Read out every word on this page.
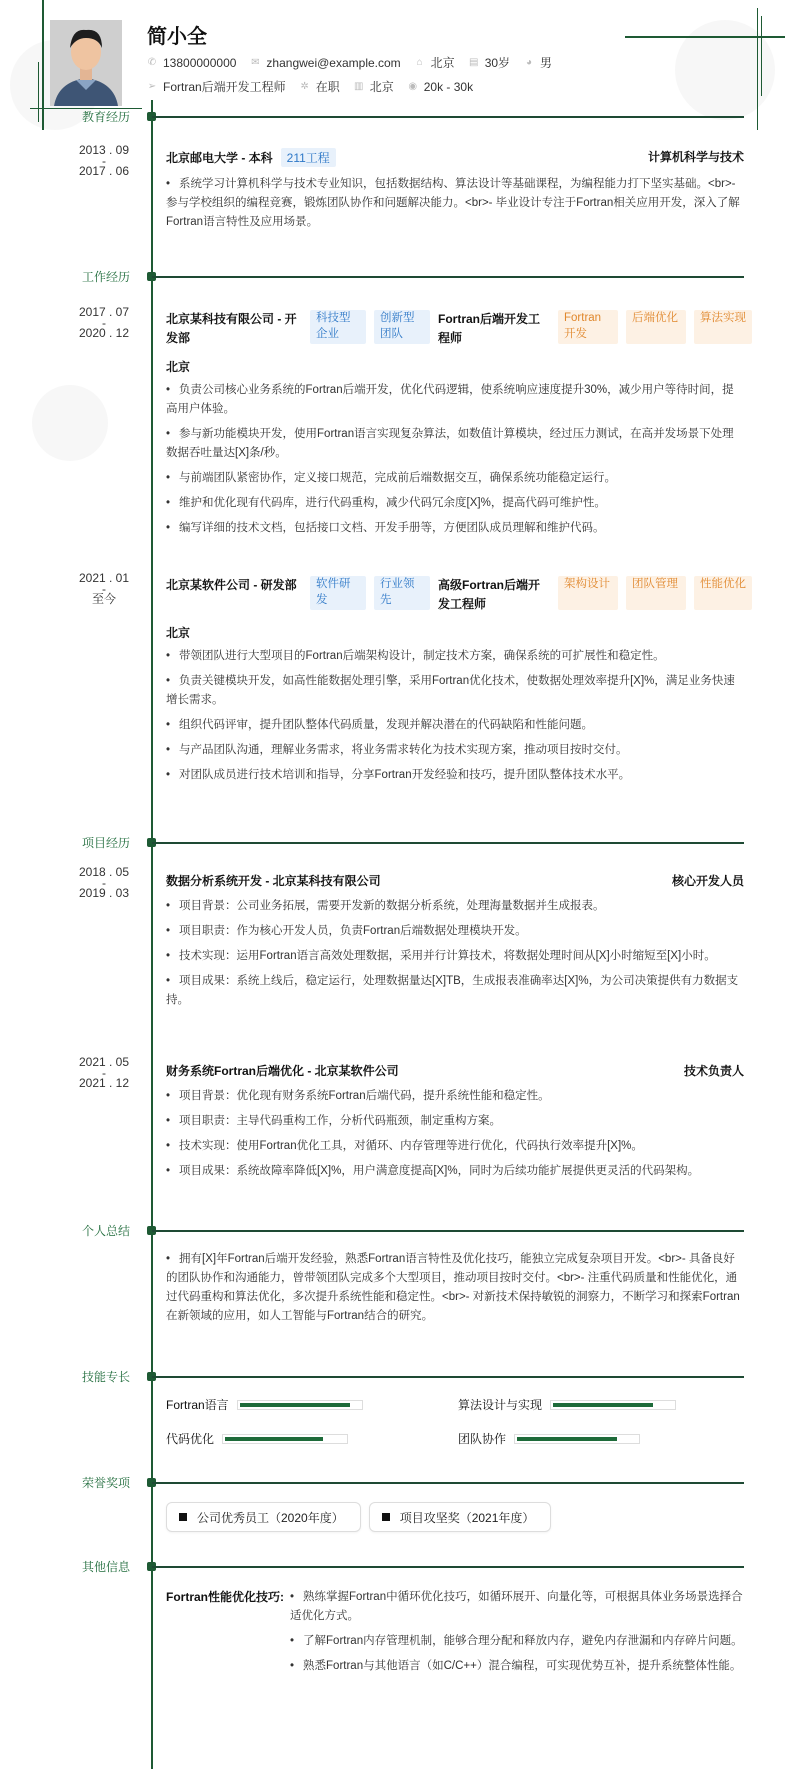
简小全
✆ 13800000000 ✉ zhangwei@example.com ⌂ 北京 ▤ 30岁 ◕ 男
➢ Fortran后端开发工程师 ✲ 在职 ▥ 北京 ◉ 20k - 30k
教育经历
2013 . 09
-
2017 . 06
北京邮电大学 - 本科 211工程	计算机科学与技术
• 系统学习计算机科学与技术专业知识，包括数据结构、算法设计等基础课程，为编程能力打下坚实基础。<br>- 参与学校组织的编程竞赛，锻炼团队协作和问题解决能力。<br>- 毕业设计专注于Fortran相关应用开发，深入了解Fortran语言特性及应用场景。
工作经历
2017 . 07
-
2020 . 12
北京某科技有限公司 - 开发部
科技型企业
创新型团队
Fortran后端开发工程师
Fortran开发
后端优化	算法实现
北京
• 负责公司核心业务系统的Fortran后端开发，优化代码逻辑，使系统响应速度提升30%，减少用户等待时间，提高用户体验。
• 参与新功能模块开发，使用Fortran语言实现复杂算法，如数值计算模块，经过压力测试，在高并发场景下处理数据吞吐量达[X]条/秒。
• 与前端团队紧密协作，定义接口规范，完成前后端数据交互，确保系统功能稳定运行。
• 维护和优化现有代码库，进行代码重构，减少代码冗余度[X]%，提高代码可维护性。
• 编写详细的技术文档，包括接口文档、开发手册等，方便团队成员理解和维护代码。
2021 . 01
-
至今
北京某软件公司 - 研发部	软件研发
行业领先
高级Fortran后端开发工程师
架构设计	团队管理	性能优化
北京
• 带领团队进行大型项目的Fortran后端架构设计，制定技术方案，确保系统的可扩展性和稳定性。
• 负责关键模块开发，如高性能数据处理引擎，采用Fortran优化技术，使数据处理效率提升[X]%，满足业务快速增长需求。
• 组织代码评审，提升团队整体代码质量，发现并解决潜在的代码缺陷和性能问题。
• 与产品团队沟通，理解业务需求，将业务需求转化为技术实现方案，推动项目按时交付。
• 对团队成员进行技术培训和指导，分享Fortran开发经验和技巧，提升团队整体技术水平。
项目经历
2018 . 05
-
2019 . 03
数据分析系统开发 - 北京某科技有限公司	核心开发人员
• 项目背景：公司业务拓展，需要开发新的数据分析系统，处理海量数据并生成报表。
• 项目职责：作为核心开发人员，负责Fortran后端数据处理模块开发。
• 技术实现：运用Fortran语言高效处理数据，采用并行计算技术，将数据处理时间从[X]小时缩短至[X]小时。
• 项目成果：系统上线后，稳定运行，处理数据量达[X]TB，生成报表准确率达[X]%，为公司决策提供有力数据支持。
2021 . 05
-
2021 . 12
财务系统Fortran后端优化 - 北京某软件公司	技术负责人
• 项目背景：优化现有财务系统Fortran后端代码，提升系统性能和稳定性。
• 项目职责：主导代码重构工作，分析代码瓶颈，制定重构方案。
• 技术实现：使用Fortran优化工具，对循环、内存管理等进行优化，代码执行效率提升[X]%。
• 项目成果：系统故障率降低[X]%，用户满意度提高[X]%，同时为后续功能扩展提供更灵活的代码架构。
个人总结
• 拥有[X]年Fortran后端开发经验，熟悉Fortran语言特性及优化技巧，能独立完成复杂项目开发。<br>- 具备良好的团队协作和沟通能力，曾带领团队完成多个大型项目，推动项目按时交付。<br>- 注重代码质量和性能优化，通过代码重构和算法优化，多次提升系统性能和稳定性。<br>- 对新技术保持敏锐的洞察力，不断学习和探索Fortran在新领域的应用，如人工智能与Fortran结合的研究。
技能专长
Fortran语言	算法设计与实现
代码优化	团队协作
荣誉奖项
公司优秀员工（2020年度）	项目攻坚奖（2021年度）
其他信息
Fortran性能优化技巧: • 熟练掌握Fortran中循环优化技巧，如循环展开、向量化等，可根据具体业务场景选择合适优化方式。
• 了解Fortran内存管理机制，能够合理分配和释放内存，避免内存泄漏和内存碎片问题。
• 熟悉Fortran与其他语言（如C/C++）混合编程，可实现优势互补，提升系统整体性能。
